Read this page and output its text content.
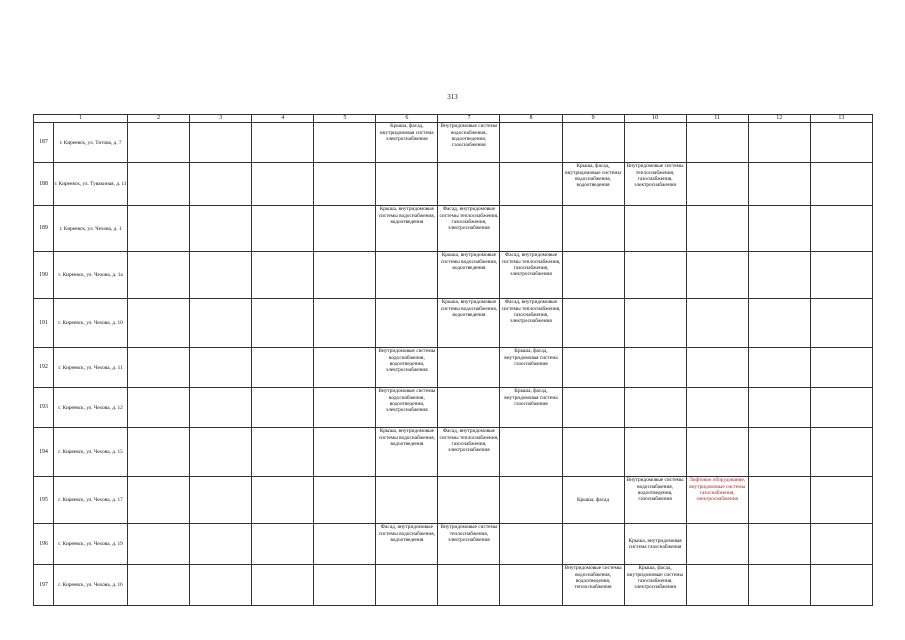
313
1		2	3	4	5	6	7	8	9	10	11	12	13
187	г. Киреевск, ул. Титова, д. 7					Крыша, фасад, внутридомовая система электроснабжения	Внутридомовые системы водоснабжения, водоотведения, газоснабжения						
188	г. Киреевск, ул. Тувакиная, д. 11								Крыша, фасад, внутридомовые системы водоснабжения, водоотведения	Внутридомовые системы теплоснабжения, газоснабжения, электроснабжения			
189	г. Киреевск, ул. Чехова, д. 1					Крыша, внутридомовые системы водоснабжения, водоотведения	Фасад, внутридомовые системы теплоснабжения, газоснабжения, электроснабжения						
190	г. Киреевск, ул. Чехова, д. 1а						Крыша, внутридомовые системы водоснабжения, водоотведения	Фасад, внутридомовые системы теплоснабжения, газоснабжения, электроснабжения					
191	г. Киреевск, ул. Чехова, д. 10						Крыша, внутридомовые системы водоснабжения, водоотведения	Фасад, внутридомовые системы теплоснабжения, газоснабжения, электроснабжения					
192	г. Киреевск, ул. Чехова, д. 11					Внутридомовые системы водоснабжения, водоотведения, электроснабжения		Крыша, фасад, внутридомовая система газоснабжения					
193	г. Киреевск, ул. Чехова, д. 12					Внутридомовые системы водоснабжения, водоотведения, электроснабжения		Крыша, фасад, внутридомовая система газоснабжения					
194	г. Киреевск, ул. Чехова, д. 15					Крыша, внутридомовые системы водоснабжения, водоотведения	Фасад, внутридомовые системы теплоснабжения, газоснабжения, электроснабжения						
195	г. Киреевск, ул. Чехова, д. 17								Крыша, фасад	Внутридомовые системы водоснабжения, водоотведения, газоснабжения	Лифтовое оборудование, внутридомовые системы газоснабжения, электроснабжения		
196	г. Киреевск, ул. Чехова, д. 19					Фасад, внутридомовые системы водоснабжения, водоотведения	Внутридомовые системы теплоснабжения, электроснабжения			Крыша, внутридомовая система газоснабжения			
197	г. Киреевск, ул. Чехова, д. 16								Внутридомовые системы водоснабжения, водоотведения, теплоснабжения	Крыша, фасад, внутридомовые системы газоснабжения, электроснабжения			
